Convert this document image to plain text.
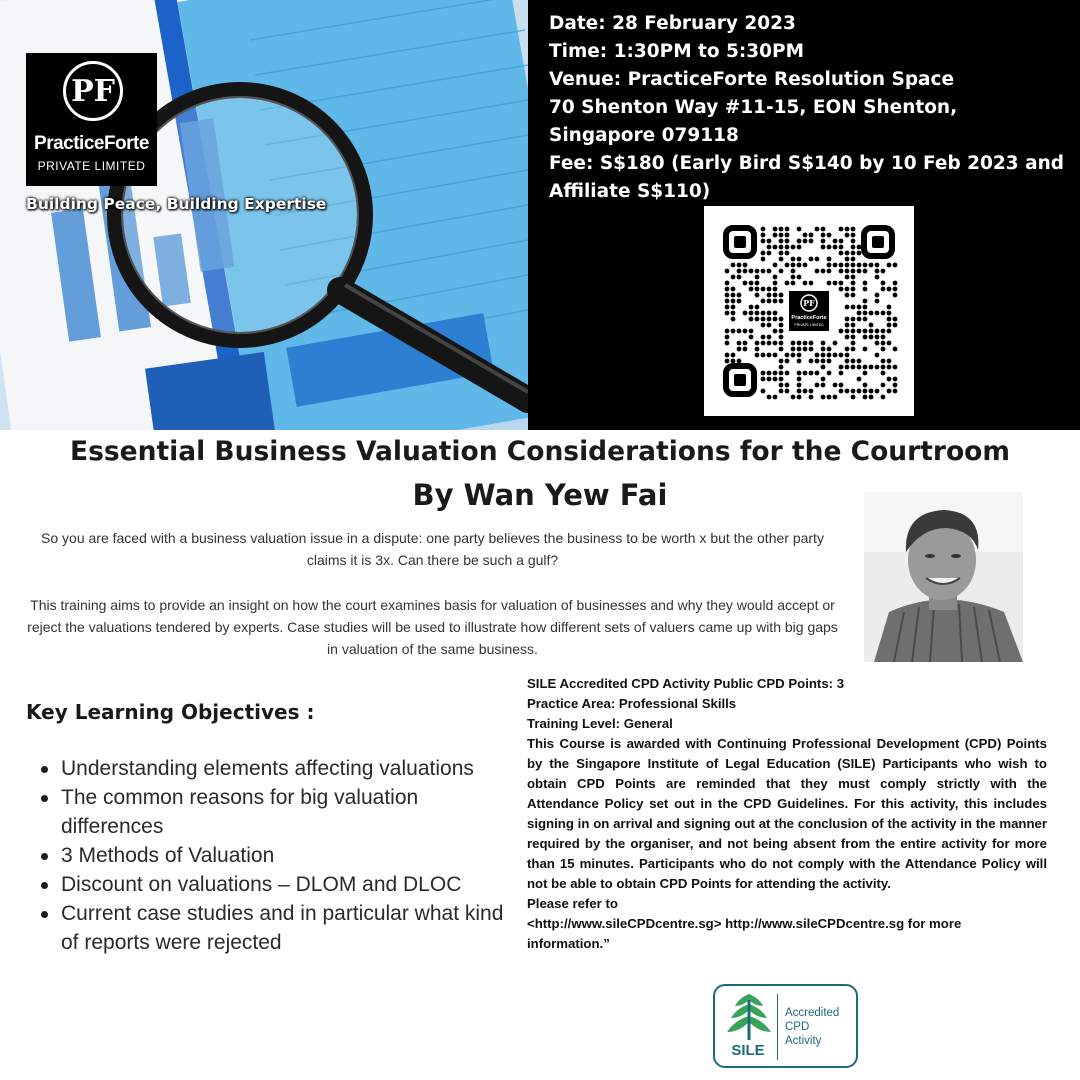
PF
PracticeForte
PRIVATE LIMITED
Building Peace, Building Expertise
Date: 28 February 2023
Time: 1:30PM to 5:30PM
Venue: PracticeForte Resolution Space
70 Shenton Way #11-15, EON Shenton,
Singapore 079118
Fee: S$180 (Early Bird S$140 by 10 Feb 2023 and
Affiliate S$110)
PF
PracticeForte
PRIVATE LIMITED
Essential Business Valuation Considerations for the Courtroom
By Wan Yew Fai
So you are faced with a business valuation issue in a dispute: one party believes the business to be worth x but the other party claims it is 3x. Can there be such a gulf?
This training aims to provide an insight on how the court examines basis for valuation of businesses and why they would accept or reject the valuations tendered by experts. Case studies will be used to illustrate how different sets of valuers came up with big gaps in valuation of the same business.
Key Learning Objectives :
Understanding elements affecting valuations
The common reasons for big valuation differences
3 Methods of Valuation
Discount on valuations – DLOM and DLOC
Current case studies and in particular what kind of reports were rejected
SILE Accredited CPD Activity Public CPD Points: 3
Practice Area: Professional Skills
Training Level: General
This Course is awarded with Continuing Professional Development (CPD) Points by the Singapore Institute of Legal Education (SILE) Participants who wish to obtain CPD Points are reminded that they must comply strictly with the Attendance Policy set out in the CPD Guidelines. For this activity, this includes signing in on arrival and signing out at the conclusion of the activity in the manner required by the organiser, and not being absent from the entire activity for more than 15 minutes. Participants who do not comply with the Attendance Policy will not be able to obtain CPD Points for attending the activity.
Please refer to
<http://www.sileCPDcentre.sg> http://www.sileCPDcentre.sg for more
information.”
SILE
Accredited
CPD
Activity
